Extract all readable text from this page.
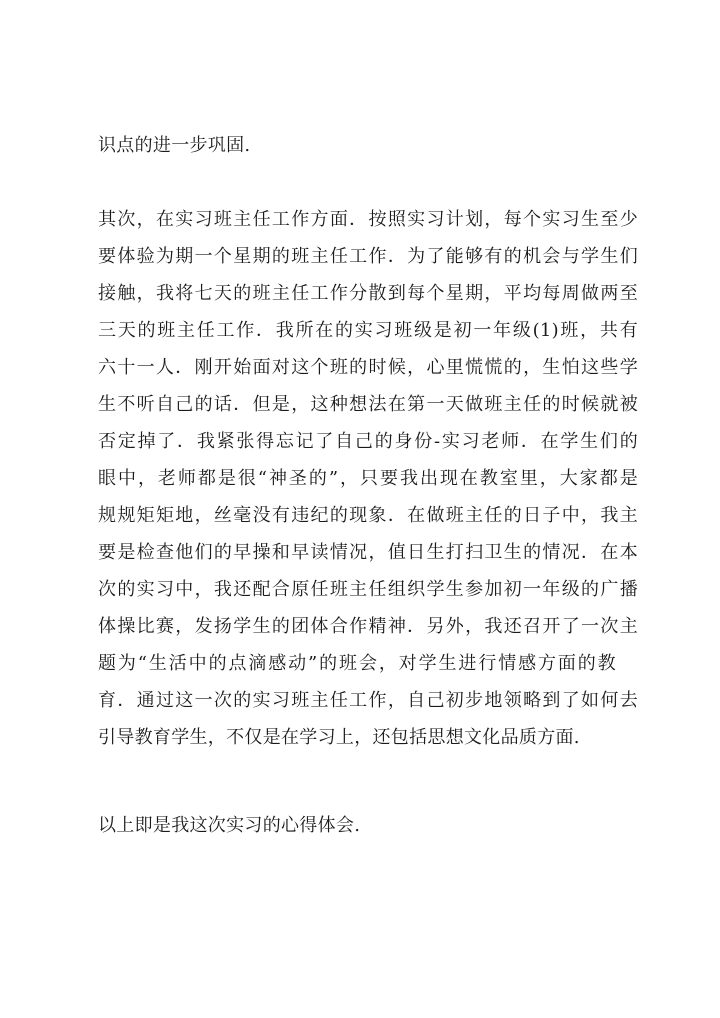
识点的进一步巩固.
其次，在实习班主任工作方面．按照实习计划，每个实习生至少
要体验为期一个星期的班主任工作．为了能够有的机会与学生们
接触，我将七天的班主任工作分散到每个星期，平均每周做两至
三天的班主任工作．我所在的实习班级是初一年级(1)班，共有
六十一人．刚开始面对这个班的时候，心里慌慌的，生怕这些学
生不听自己的话．但是，这种想法在第一天做班主任的时候就被
否定掉了．我紧张得忘记了自己的身份-实习老师．在学生们的
眼中，老师都是很“神圣的”，只要我出现在教室里，大家都是
规规矩矩地，丝毫没有违纪的现象．在做班主任的日子中，我主
要是检查他们的早操和早读情况，值日生打扫卫生的情况．在本
次的实习中，我还配合原任班主任组织学生参加初一年级的广播
体操比赛，发扬学生的团体合作精神．另外，我还召开了一次主
题为“生活中的点滴感动”的班会，对学生进行情感方面的教
育．通过这一次的实习班主任工作，自己初步地领略到了如何去
引导教育学生，不仅是在学习上，还包括思想文化品质方面.
以上即是我这次实习的心得体会.
